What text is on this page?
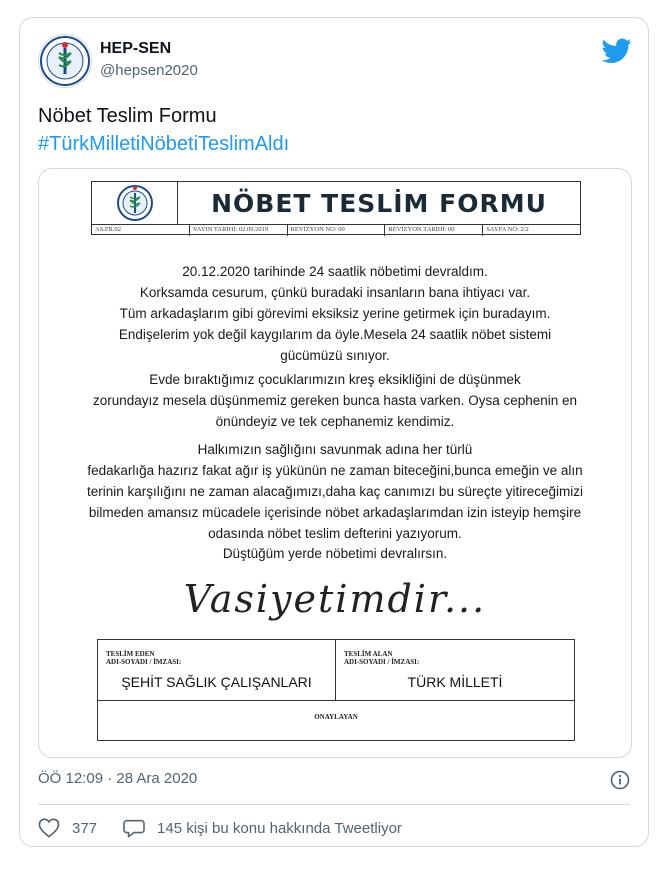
HEP-SEN
@hepsen2020
Nöbet Teslim Formu
#TürkMilletiNöbetiTeslimAldı
NÖBET TESLİM FORMU
AS.FR.02	YAYIN TARİHİ: 02.09.2019	REVİZYON NO: 00	REVİZYON TARİHİ: 00	SAYFA NO: 2/2
20.12.2020 tarihinde 24 saatlik nöbetimi devraldım.
Korksamda cesurum, çünkü buradaki insanların bana ihtiyacı var.
Tüm arkadaşlarım gibi görevimi eksiksiz yerine getirmek için buradayım.
Endişelerim yok değil kaygılarım da öyle.Mesela 24 saatlik nöbet sistemi
gücümüzü sınıyor.
Evde bıraktığımız çocuklarımızın kreş eksikliğini de düşünmek
zorundayız mesela düşünmemiz gereken bunca hasta varken. Oysa cephenin en
önündeyiz ve tek cephanemiz kendimiz.
Halkımızın sağlığını savunmak adına her türlü
fedakarlığa hazırız fakat ağır iş yükünün ne zaman biteceğini,bunca emeğin ve alın
terinin karşılığını ne zaman alacağımızı,daha kaç canımızı bu süreçte yitireceğimizi
bilmeden amansız mücadele içerisinde nöbet arkadaşlarımdan izin isteyip hemşire
odasında nöbet teslim defterini yazıyorum.
Düştüğüm yerde nöbetimi devralırsın.
Vasiyetimdir...
TESLİM EDEN
ADI-SOYADI / İMZASI:
ŞEHİT SAĞLIK ÇALIŞANLARI
TESLİM ALAN
ADI-SOYADI / İMZASI:
TÜRK MİLLETİ
ONAYLAYAN
ÖÖ 12:09 · 28 Ara 2020
377	145 kişi bu konu hakkında Tweetliyor
